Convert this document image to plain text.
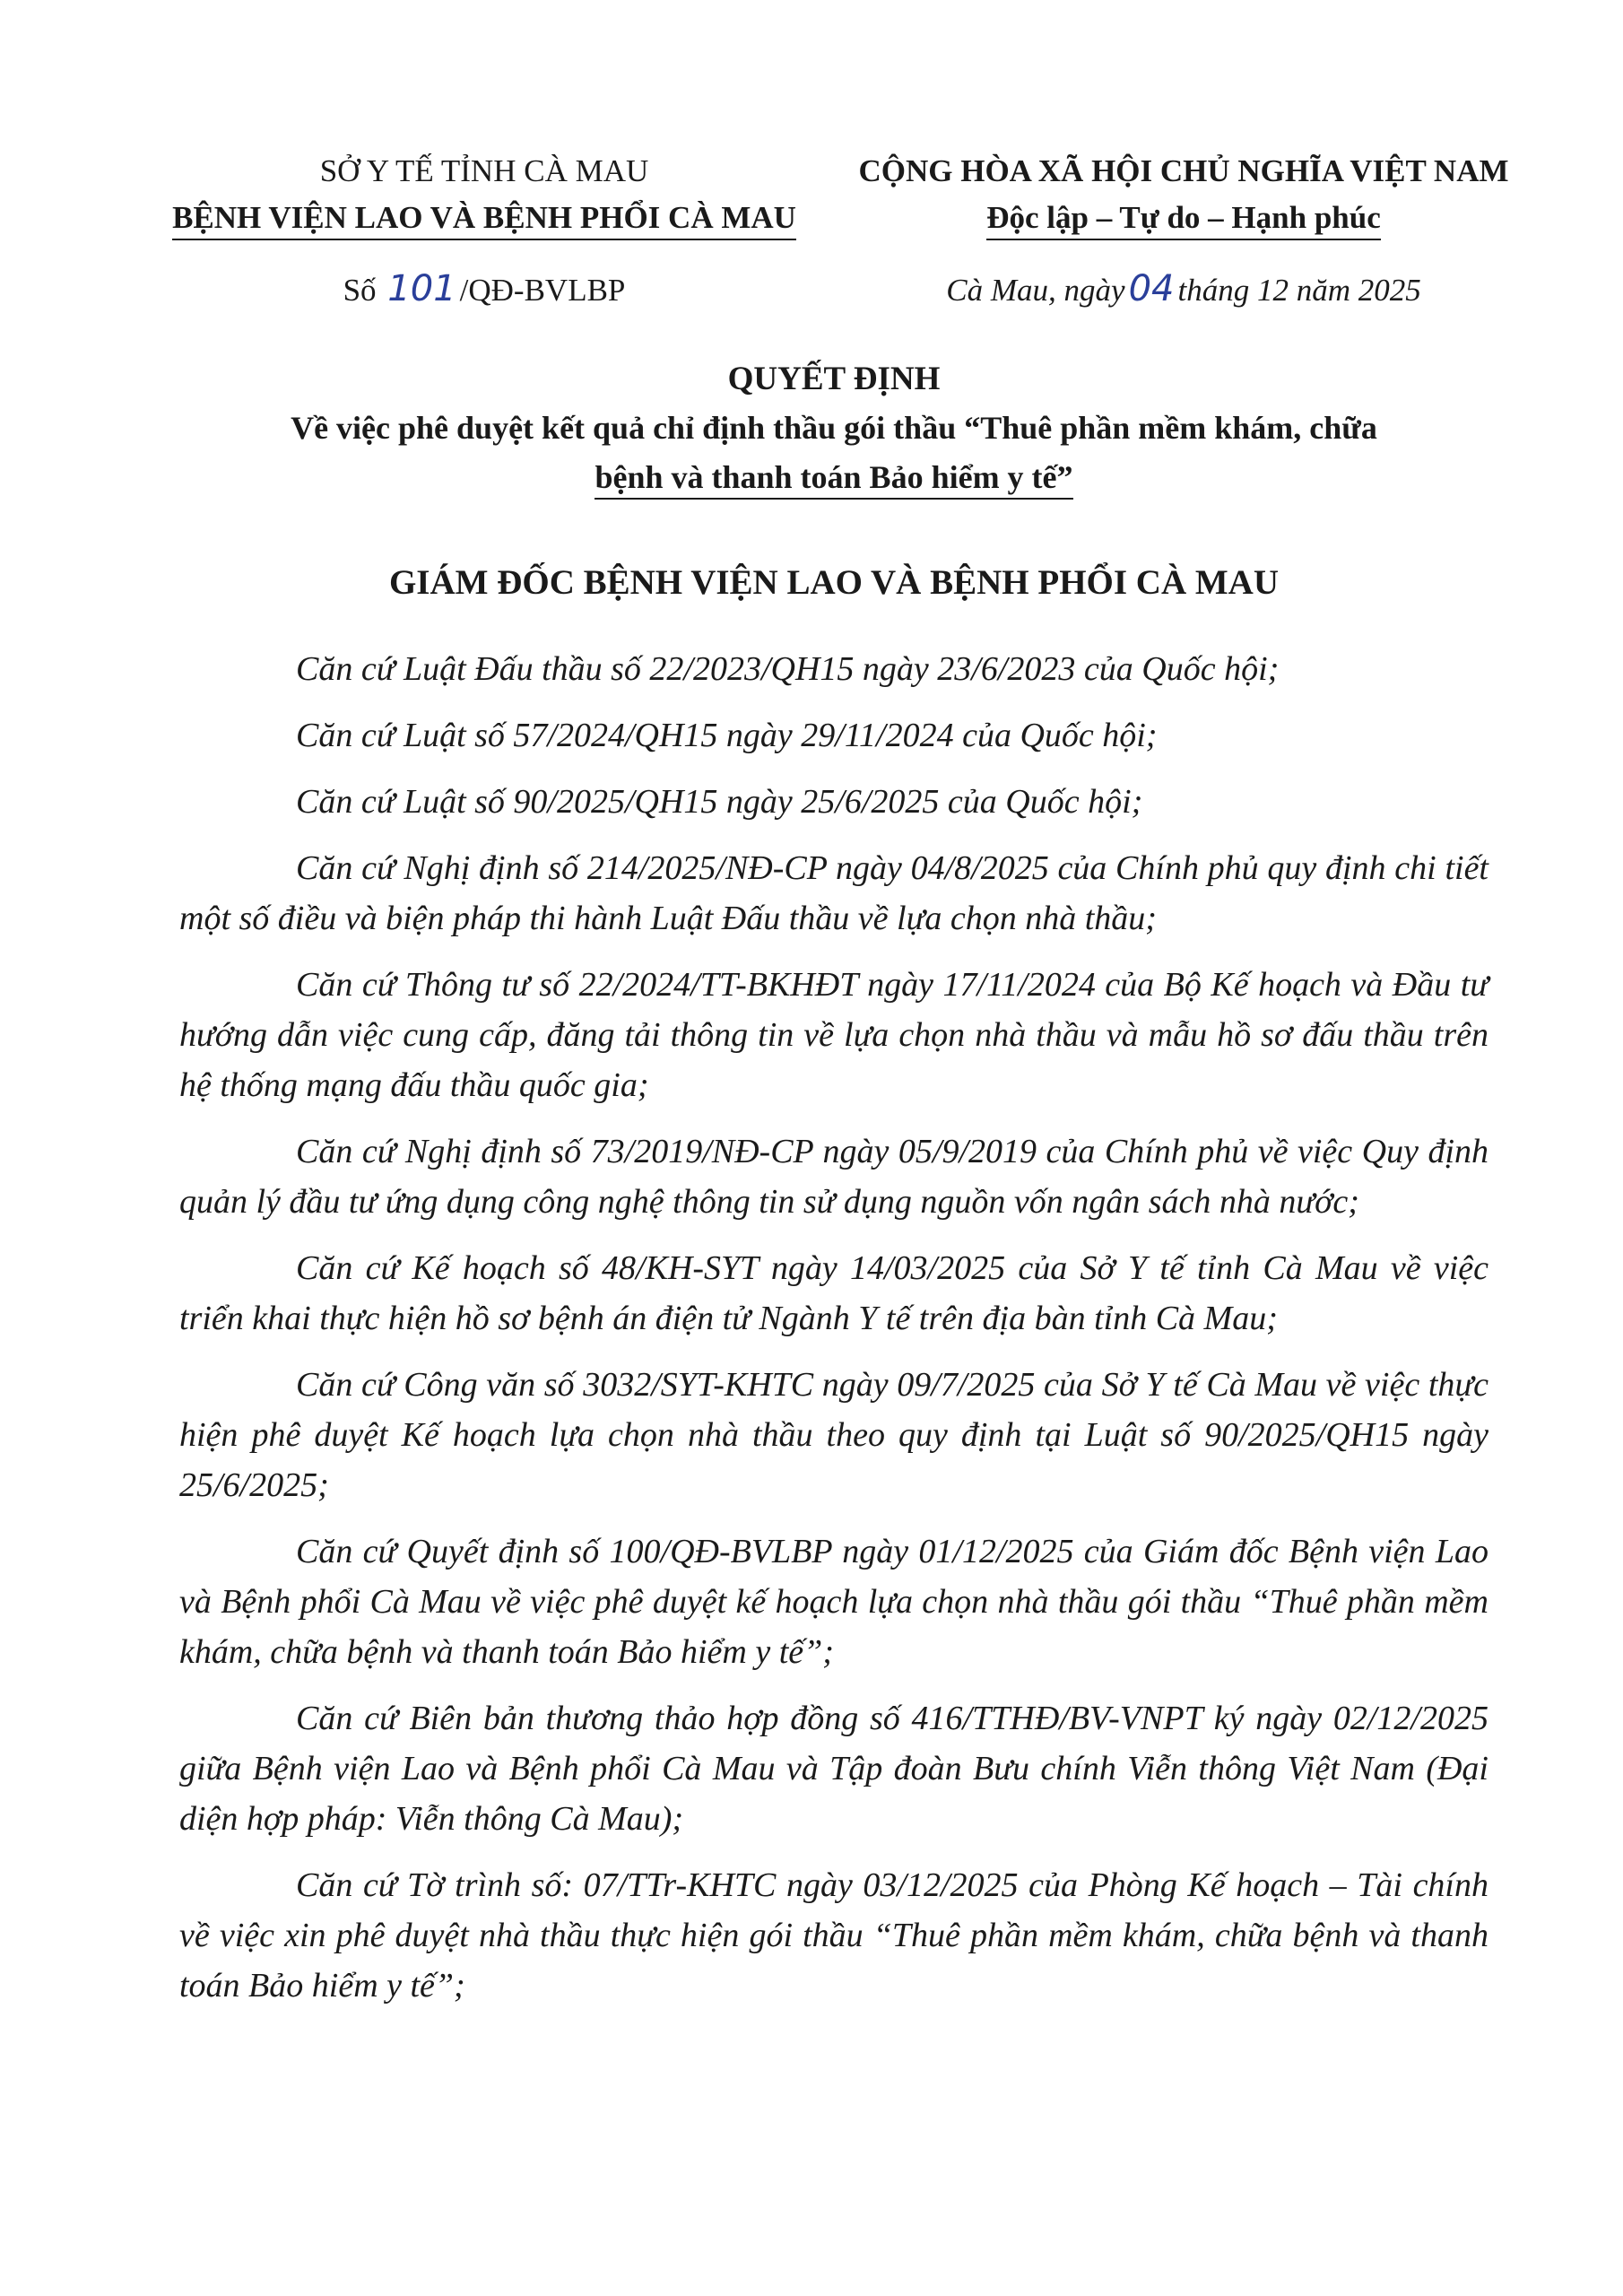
SỞ Y TẾ TỈNH CÀ MAU
BỆNH VIỆN LAO VÀ BỆNH PHỔI CÀ MAU
CỘNG HÒA XÃ HỘI CHỦ NGHĨA VIỆT NAM
Độc lập – Tự do – Hạnh phúc
Số 101 /QĐ-BVLBP	Cà Mau, ngày 04 tháng 12 năm 2025
QUYẾT ĐỊNH
Về việc phê duyệt kết quả chỉ định thầu gói thầu “Thuê phần mềm khám, chữa
bệnh và thanh toán Bảo hiểm y tế”
GIÁM ĐỐC BỆNH VIỆN LAO VÀ BỆNH PHỔI CÀ MAU

Căn cứ Luật Đấu thầu số 22/2023/QH15 ngày 23/6/2023 của Quốc hội;

Căn cứ Luật số 57/2024/QH15 ngày 29/11/2024 của Quốc hội;

Căn cứ Luật số 90/2025/QH15 ngày 25/6/2025 của Quốc hội;

Căn cứ Nghị định số 214/2025/NĐ-CP ngày 04/8/2025 của Chính phủ quy định chi tiết một số điều và biện pháp thi hành Luật Đấu thầu về lựa chọn nhà thầu;

Căn cứ Thông tư số 22/2024/TT-BKHĐT ngày 17/11/2024 của Bộ Kế hoạch và Đầu tư hướng dẫn việc cung cấp, đăng tải thông tin về lựa chọn nhà thầu và mẫu hồ sơ đấu thầu trên hệ thống mạng đấu thầu quốc gia;

Căn cứ Nghị định số 73/2019/NĐ-CP ngày 05/9/2019 của Chính phủ về việc Quy định quản lý đầu tư ứng dụng công nghệ thông tin sử dụng nguồn vốn ngân sách nhà nước;

Căn cứ Kế hoạch số 48/KH-SYT ngày 14/03/2025 của Sở Y tế tỉnh Cà Mau về việc triển khai thực hiện hồ sơ bệnh án điện tử Ngành Y tế trên địa bàn tỉnh Cà Mau;

Căn cứ Công văn số 3032/SYT-KHTC ngày 09/7/2025 của Sở Y tế Cà Mau về việc thực hiện phê duyệt Kế hoạch lựa chọn nhà thầu theo quy định tại Luật số 90/2025/QH15 ngày 25/6/2025;

Căn cứ Quyết định số 100/QĐ-BVLBP ngày 01/12/2025 của Giám đốc Bệnh viện Lao và Bệnh phổi Cà Mau về việc phê duyệt kế hoạch lựa chọn nhà thầu gói thầu “Thuê phần mềm khám, chữa bệnh và thanh toán Bảo hiểm y tế”;

Căn cứ Biên bản thương thảo hợp đồng số 416/TTHĐ/BV-VNPT ký ngày 02/12/2025 giữa Bệnh viện Lao và Bệnh phổi Cà Mau và Tập đoàn Bưu chính Viễn thông Việt Nam (Đại diện hợp pháp: Viễn thông Cà Mau);

Căn cứ Tờ trình số: 07/TTr-KHTC ngày 03/12/2025 của Phòng Kế hoạch – Tài chính về việc xin phê duyệt nhà thầu thực hiện gói thầu “Thuê phần mềm khám, chữa bệnh và thanh toán Bảo hiểm y tế”;
